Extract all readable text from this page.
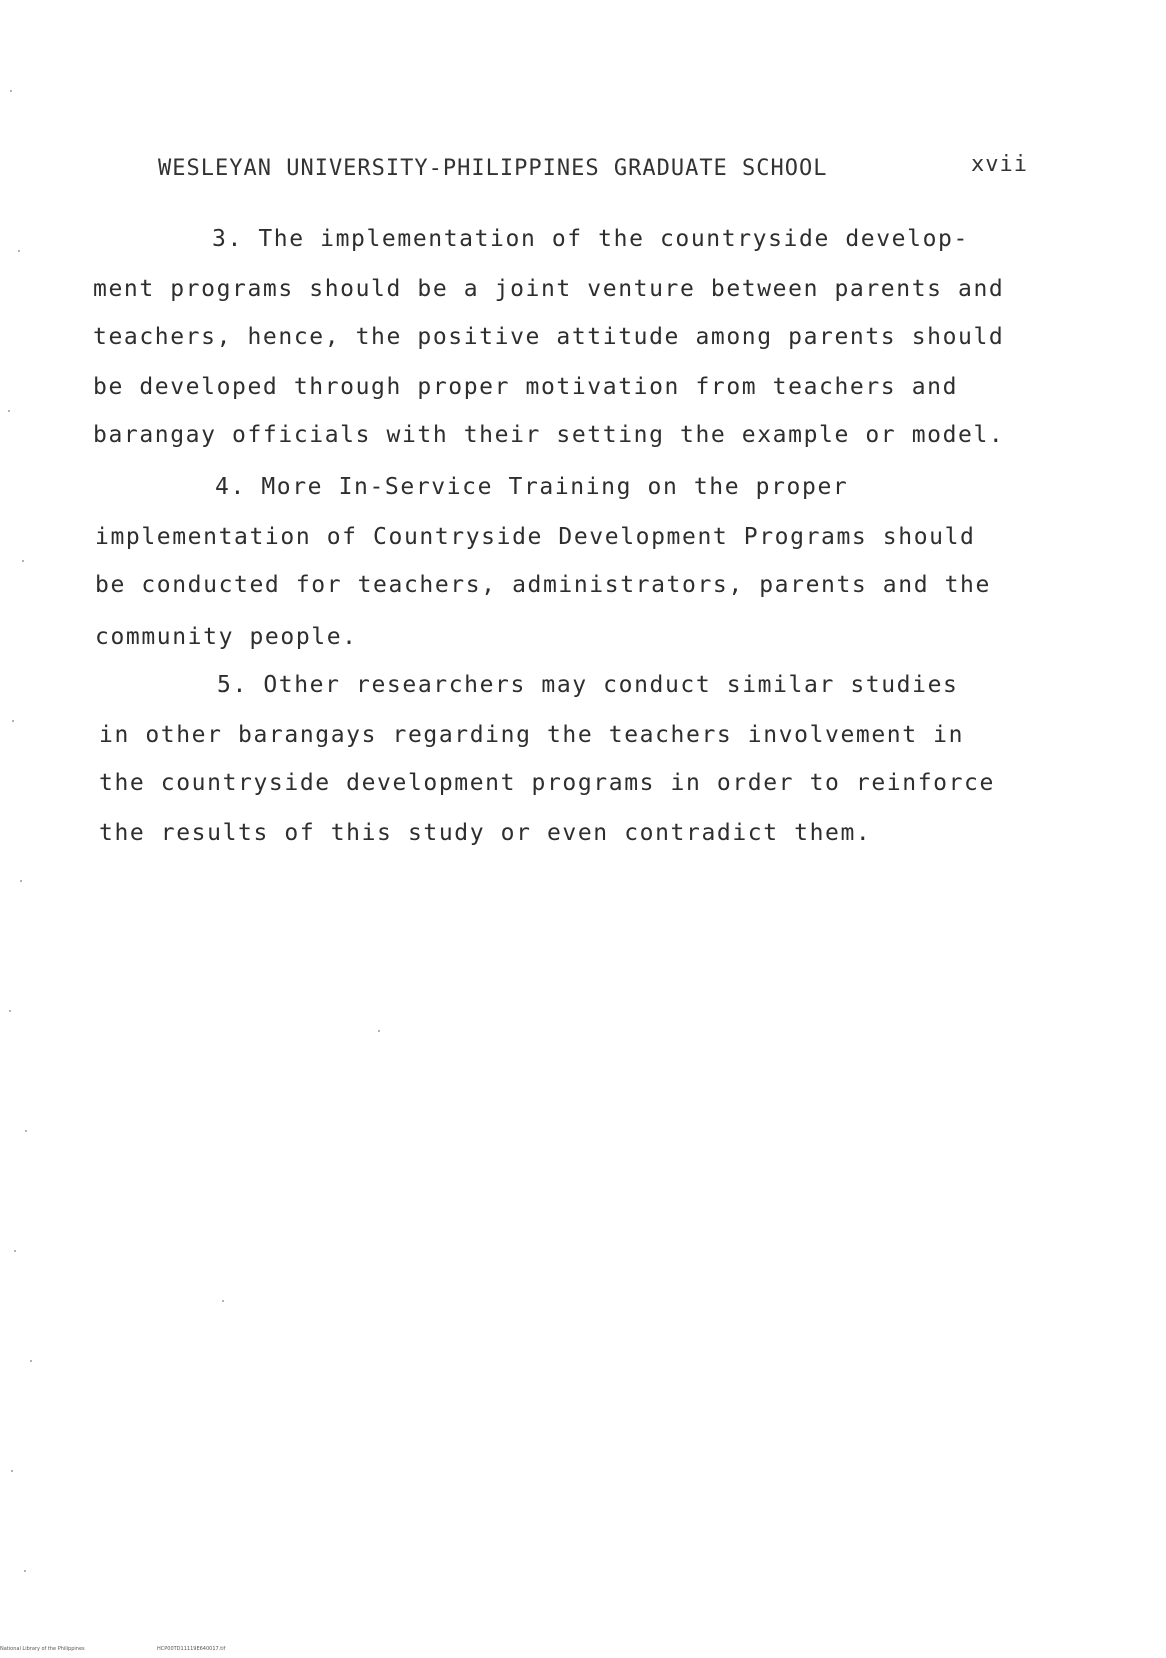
WESLEYAN UNIVERSITY-PHILIPPINES GRADUATE SCHOOL	xvii
3. The implementation of the countryside develop-
ment programs should be a joint venture between parents and
teachers, hence, the positive attitude among parents should
be developed through proper motivation from teachers and
barangay officials with their setting the example or model.
4. More In-Service Training on the proper
implementation of Countryside Development Programs should
be conducted for teachers, administrators, parents and the
community people.
5. Other researchers may conduct similar studies
in other barangays regarding the teachers involvement in
the countryside development programs in order to reinforce
the results of this study or even contradict them.
National Library of the Philippines	HCP00TD11119E640017.tif
